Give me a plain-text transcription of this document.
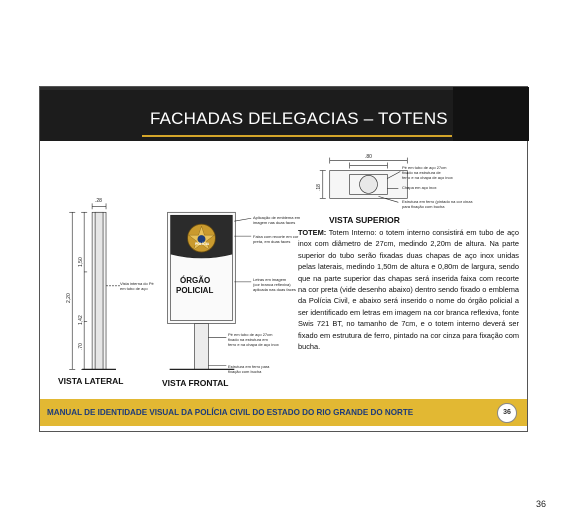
FACHADAS DELEGACIAS – TOTENS
.28
2,20
1,50
1,42
.70
Vista interna do Pé
em tubo de aço
POLÍCIA
ÓRGÃO
POLICIAL
Aplicação de emblema em
imagem nas duas faces
Faixa com recorte em cor
preta, em duas faces
Letras em imagem
(cor branca reflexiva)
aplicada nas duas faces
Pé em tubo de aço 27cm
fixado na estrutura em
ferro e na chapa de aço inox
Estrutura em ferro para
fixação com bucha
.80
.18
Pé em tubo de aço 27cm
fixado na estrutura de
ferro e na chapa de aço inox
Chapa em aço inox
Estrutura em ferro (pintado na cor cinza
para fixação com bucha
VISTA SUPERIOR
VISTA LATERAL	VISTA FRONTAL
TOTEM: Totem Interno: o totem interno consistirá em tubo de aço inox com diâmetro de 27cm, medindo 2,20m de altura. Na parte superior do tubo serão fixadas duas chapas de aço inox unidas pelas laterais, medindo 1,50m de altura e 0,80m de largura, sendo que na parte superior das chapas será inserida faixa com recorte na cor preta (vide desenho abaixo) dentro sendo fixado o emblema da Polícia Civil, e abaixo será inserido o nome do órgão policial a ser identificado em letras em imagem na cor branca reflexiva, fonte Swis 721 BT, no tamanho de 7cm, e o totem interno deverá ser fixado em estrutura de ferro, pintado na cor cinza para fixação com bucha.
MANUAL DE IDENTIDADE VISUAL DA POLÍCIA CIVIL DO ESTADO DO RIO GRANDE DO NORTE	36
36
